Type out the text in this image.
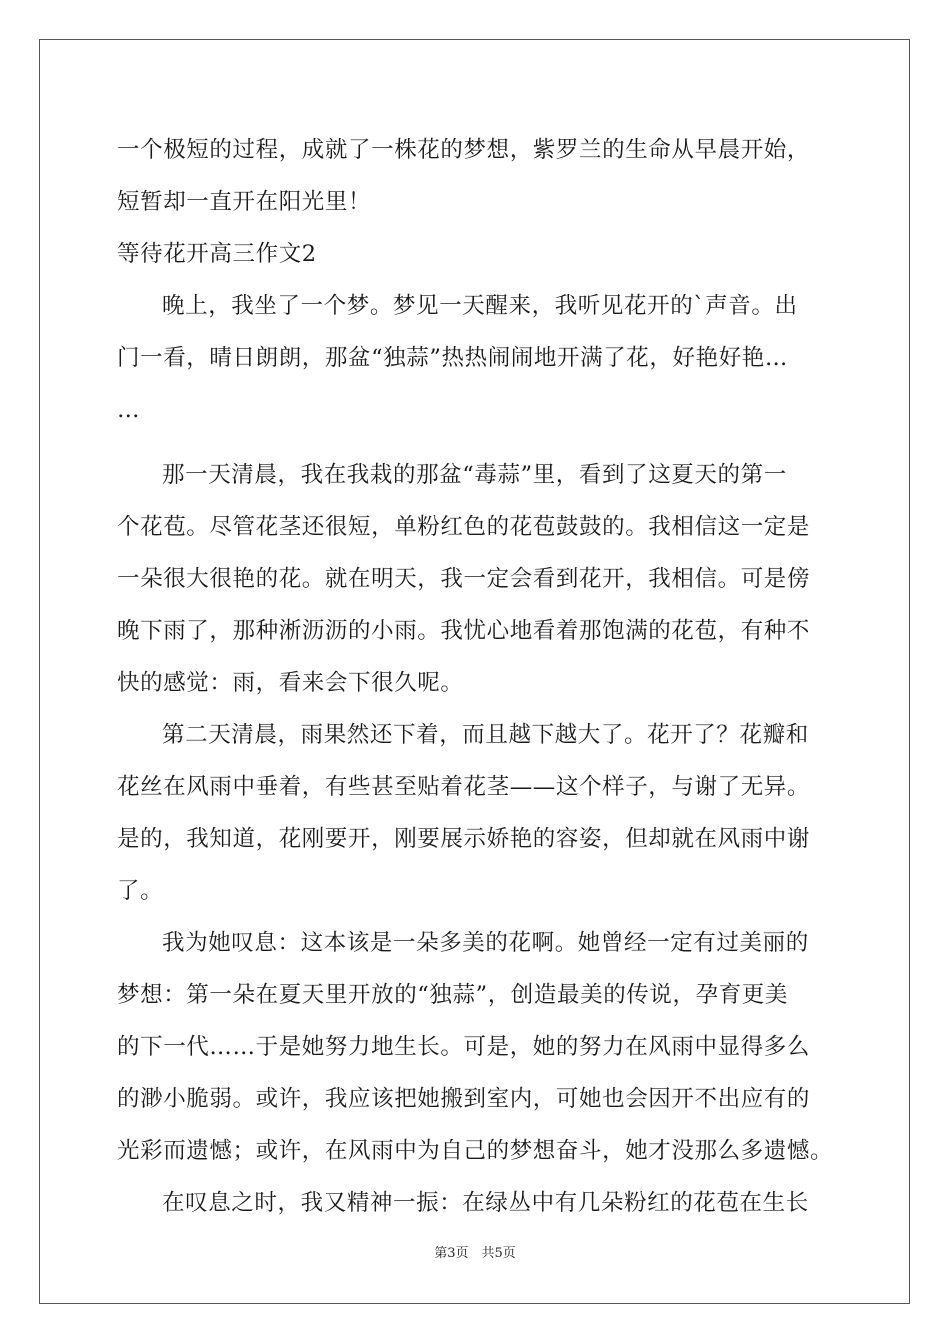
一个极短的过程，成就了一株花的梦想，紫罗兰的生命从早晨开始，
短暂却一直开在阳光里！
等待花开高三作文2
晚上，我坐了一个梦。梦见一天醒来，我听见花开的`声音。出
门一看，晴日朗朗，那盆“独蒜”热热闹闹地开满了花，好艳好艳…
…
那一天清晨，我在我栽的那盆“毒蒜”里，看到了这夏天的第一
个花苞。尽管花茎还很短，单粉红色的花苞鼓鼓的。我相信这一定是
一朵很大很艳的花。就在明天，我一定会看到花开，我相信。可是傍
晚下雨了，那种淅沥沥的小雨。我忧心地看着那饱满的花苞，有种不
快的感觉：雨，看来会下很久呢。
第二天清晨，雨果然还下着，而且越下越大了。花开了？花瓣和
花丝在风雨中垂着，有些甚至贴着花茎——这个样子，与谢了无异。
是的，我知道，花刚要开，刚要展示娇艳的容姿，但却就在风雨中谢
了。
我为她叹息：这本该是一朵多美的花啊。她曾经一定有过美丽的
梦想：第一朵在夏天里开放的“独蒜”，创造最美的传说，孕育更美
的下一代……于是她努力地生长。可是，她的努力在风雨中显得多么
的渺小脆弱。或许，我应该把她搬到室内，可她也会因开不出应有的
光彩而遗憾；或许，在风雨中为自己的梦想奋斗，她才没那么多遗憾。
在叹息之时，我又精神一振：在绿丛中有几朵粉红的花苞在生长
第3页　共5页
